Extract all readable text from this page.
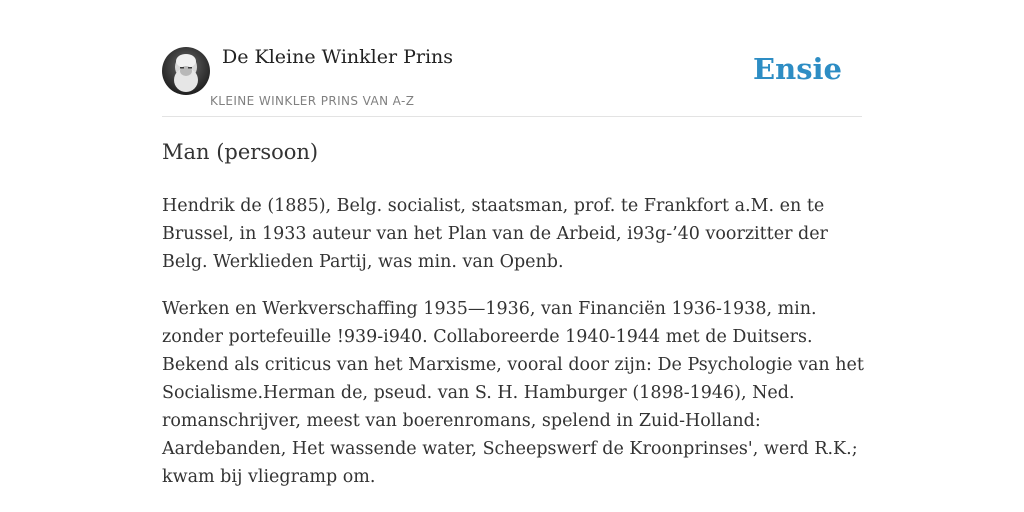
De Kleine Winkler Prins
KLEINE WINKLER PRINS VAN A-Z
Ensie
Man (persoon)

Hendrik de (1885), Belg. socialist, staatsman, prof. te Frankfort a.M. en te Brussel, in 1933 auteur van het Plan van de Arbeid, i93g-’40 voorzitter der Belg. Werklieden Partij, was min. van Openb.

Werken en Werkverschaffing 1935—1936, van Financiën 1936-1938, min. zonder portefeuille !939-i940. Collaboreerde 1940-1944 met de Duitsers. Bekend als criticus van het Marxisme, vooral door zijn: De Psychologie van het Socialisme.Herman de, pseud. van S. H. Hamburger (1898-1946), Ned. romanschrijver, meest van boerenromans, spelend in Zuid-Holland: Aardebanden, Het wassende water, Scheepswerf de Kroonprinses', werd R.K.; kwam bij vliegramp om.
